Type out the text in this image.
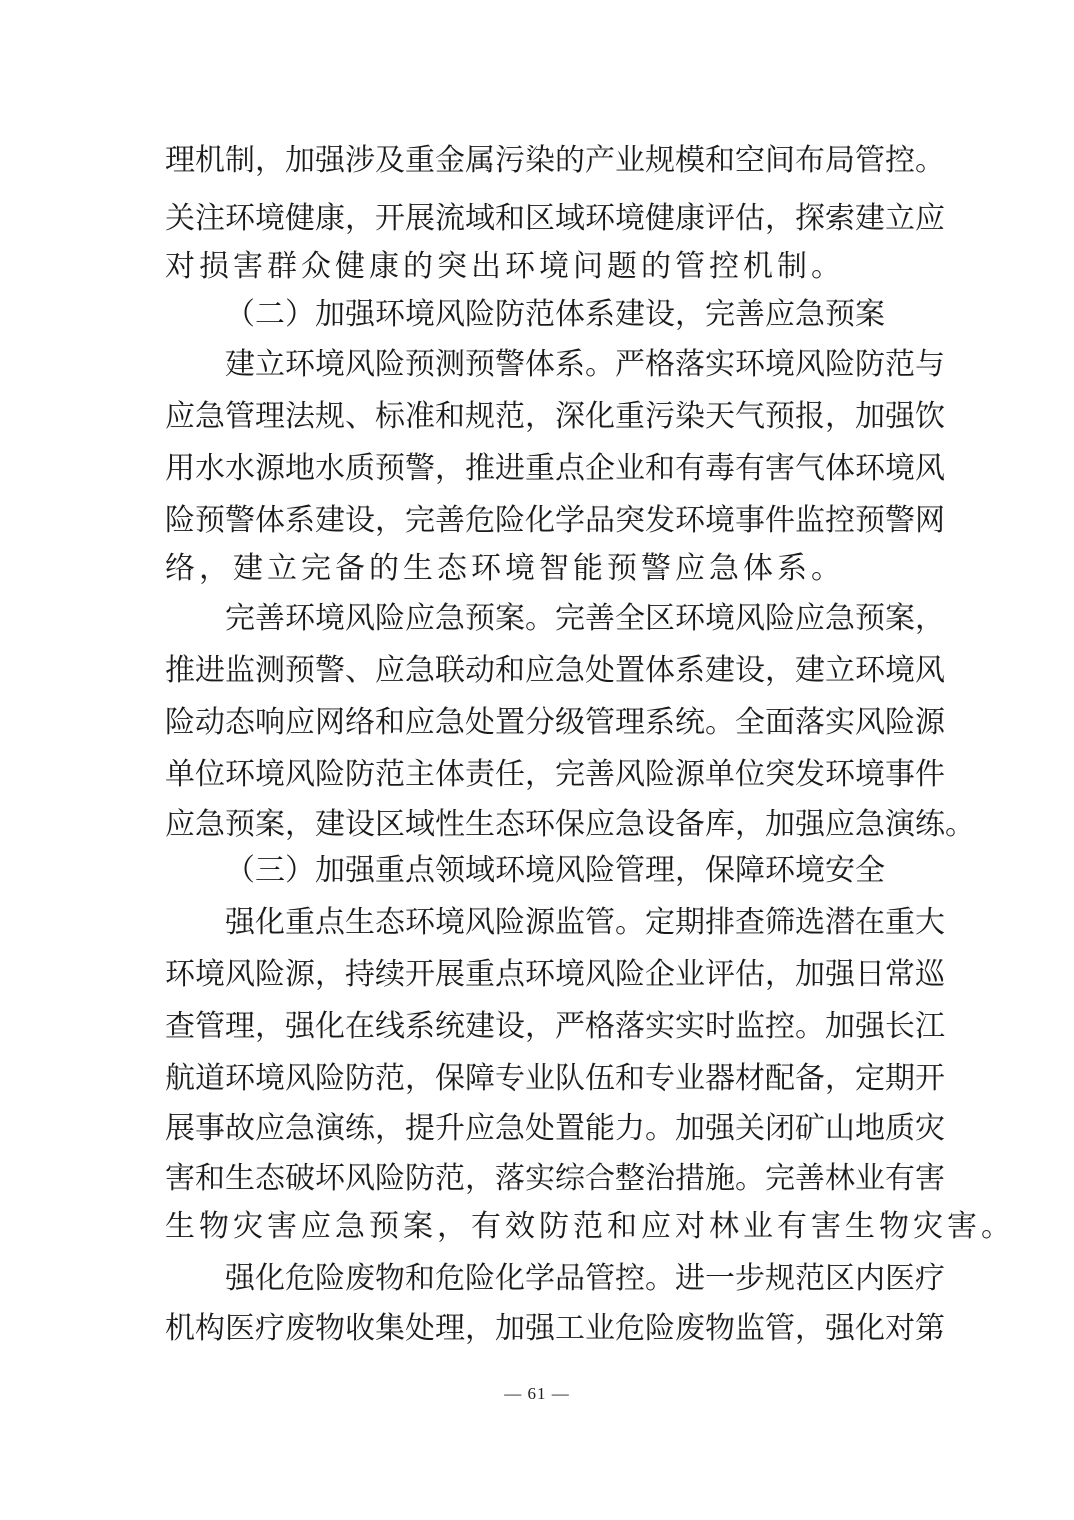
理机制，加强涉及重金属污染的产业规模和空间布局管控。
关注环境健康，开展流域和区域环境健康评估，探索建立应
对损害群众健康的突出环境问题的管控机制。
（二）加强环境风险防范体系建设，完善应急预案
建立环境风险预测预警体系。严格落实环境风险防范与
应急管理法规、标准和规范，深化重污染天气预报，加强饮
用水水源地水质预警，推进重点企业和有毒有害气体环境风
险预警体系建设，完善危险化学品突发环境事件监控预警网
络，建立完备的生态环境智能预警应急体系。
完善环境风险应急预案。完善全区环境风险应急预案，
推进监测预警、应急联动和应急处置体系建设，建立环境风
险动态响应网络和应急处置分级管理系统。全面落实风险源
单位环境风险防范主体责任，完善风险源单位突发环境事件
应急预案，建设区域性生态环保应急设备库，加强应急演练。
（三）加强重点领域环境风险管理，保障环境安全
强化重点生态环境风险源监管。定期排查筛选潜在重大
环境风险源，持续开展重点环境风险企业评估，加强日常巡
查管理，强化在线系统建设，严格落实实时监控。加强长江
航道环境风险防范，保障专业队伍和专业器材配备，定期开
展事故应急演练，提升应急处置能力。加强关闭矿山地质灾
害和生态破坏风险防范，落实综合整治措施。完善林业有害
生物灾害应急预案，有效防范和应对林业有害生物灾害。
强化危险废物和危险化学品管控。进一步规范区内医疗
机构医疗废物收集处理，加强工业危险废物监管，强化对第
— 61 —
